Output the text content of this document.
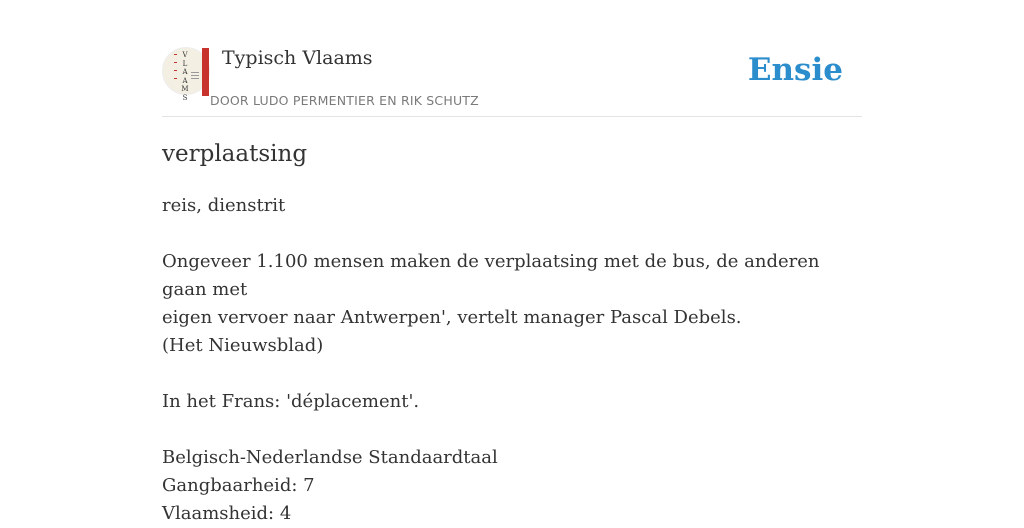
V
L
A
A
M
S
Typisch Vlaams
DOOR LUDO PERMENTIER EN RIK SCHUTZ
Ensie
verplaatsing

reis, dienstrit

Ongeveer 1.100 mensen maken de verplaatsing met de bus, de anderen gaan met

eigen vervoer naar Antwerpen', vertelt manager Pascal Debels.

(Het Nieuwsblad)

In het Frans: 'déplacement'.

Belgisch-Nederlandse Standaardtaal

Gangbaarheid: 7

Vlaamsheid: 4
